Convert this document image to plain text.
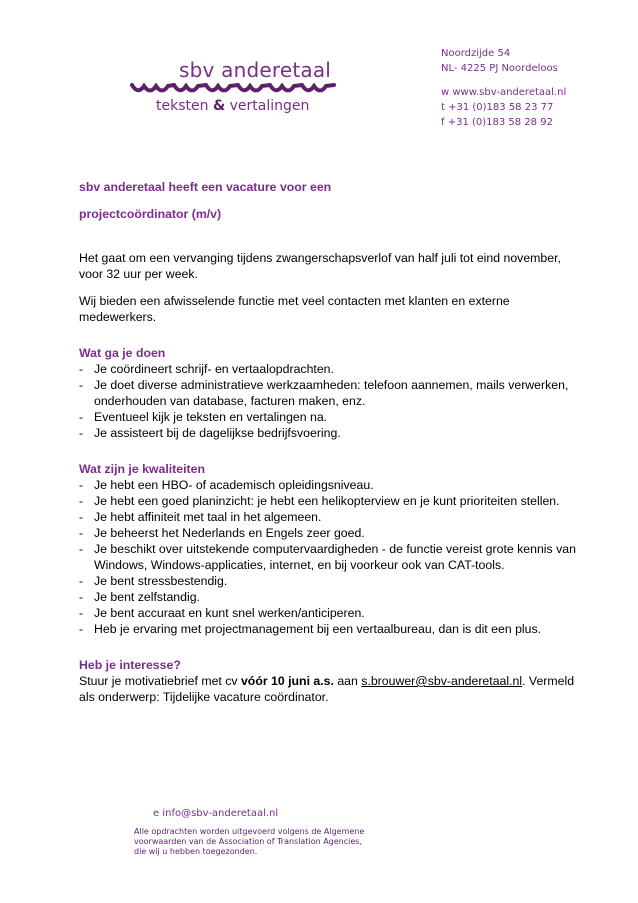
sbv anderetaal
teksten & vertalingen
Noordzijde 54
NL- 4225 PJ Noordeloos
w www.sbv-anderetaal.nl
t +31 (0)183 58 23 77
f +31 (0)183 58 28 92
sbv anderetaal heeft een vacature voor een
projectcoördinator (m/v)
Het gaat om een vervanging tijdens zwangerschapsverlof van half juli tot eind november,
voor 32 uur per week.
Wij bieden een afwisselende functie met veel contacten met klanten en externe
medewerkers.
Wat ga je doen
- Je coördineert schrijf- en vertaalopdrachten.
- Je doet diverse administratieve werkzaamheden: telefoon aannemen, mails verwerken,
onderhouden van database, facturen maken, enz.
- Eventueel kijk je teksten en vertalingen na.
- Je assisteert bij de dagelijkse bedrijfsvoering.
Wat zijn je kwaliteiten
- Je hebt een HBO- of academisch opleidingsniveau.
- Je hebt een goed planinzicht: je hebt een helikopterview en je kunt prioriteiten stellen.
- Je hebt affiniteit met taal in het algemeen.
- Je beheerst het Nederlands en Engels zeer goed.
- Je beschikt over uitstekende computervaardigheden - de functie vereist grote kennis van
Windows, Windows-applicaties, internet, en bij voorkeur ook van CAT-tools.
- Je bent stressbestendig.
- Je bent zelfstandig.
- Je bent accuraat en kunt snel werken/anticiperen.
- Heb je ervaring met projectmanagement bij een vertaalbureau, dan is dit een plus.
Heb je interesse?
Stuur je motivatiebrief met cv vóór 10 juni a.s. aan s.brouwer@sbv-anderetaal.nl. Vermeld
als onderwerp: Tijdelijke vacature coördinator.
e info@sbv-anderetaal.nl
Alle opdrachten worden uitgevoerd volgens de Algemene
voorwaarden van de Association of Translation Agencies,
die wij u hebben toegezonden.
